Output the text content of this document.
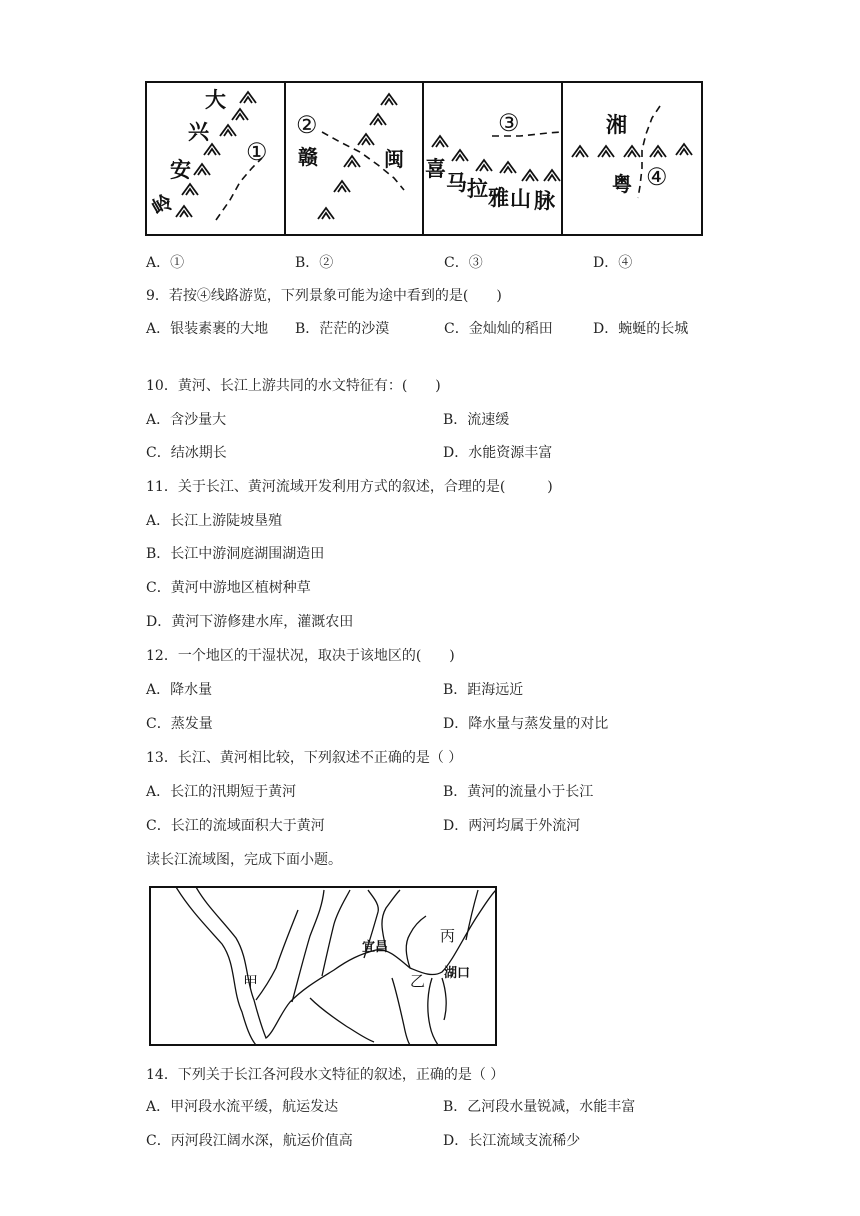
大
兴
安
岭
①
②
赣	闽
③
喜
马 拉 雅 山 脉
湘
粤 ④
A．①	B．②	C．③	D．④
9．若按④线路游览，下列景象可能为途中看到的是(　　)
A．银装素裹的大地 B．茫茫的沙漠	C．金灿灿的稻田	D．蜿蜒的长城
10．黄河、长江上游共同的水文特征有：(　　)
A．含沙量大	B．流速缓
C．结冰期长	D．水能资源丰富
11．关于长江、黄河流域开发利用方式的叙述，合理的是(　　　)
A．长江上游陡坡垦殖
B．长江中游洞庭湖围湖造田
C．黄河中游地区植树种草
D．黄河下游修建水库，灌溉农田
12．一个地区的干湿状况，取决于该地区的(　　)
A．降水量	B．距海远近
C．蒸发量	D．降水量与蒸发量的对比
13．长江、黄河相比较，下列叙述不正确的是（ ）
A．长江的汛期短于黄河	B．黄河的流量小于长江
C．长江的流域面积大于黄河	D．两河均属于外流河
读长江流域图，完成下面小题。
甲	乙
丙
宜昌
湖口
14．下列关于长江各河段水文特征的叙述，正确的是（ ）
A．甲河段水流平缓，航运发达	B．乙河段水量锐减，水能丰富
C．丙河段江阔水深，航运价值高	D．长江流域支流稀少
